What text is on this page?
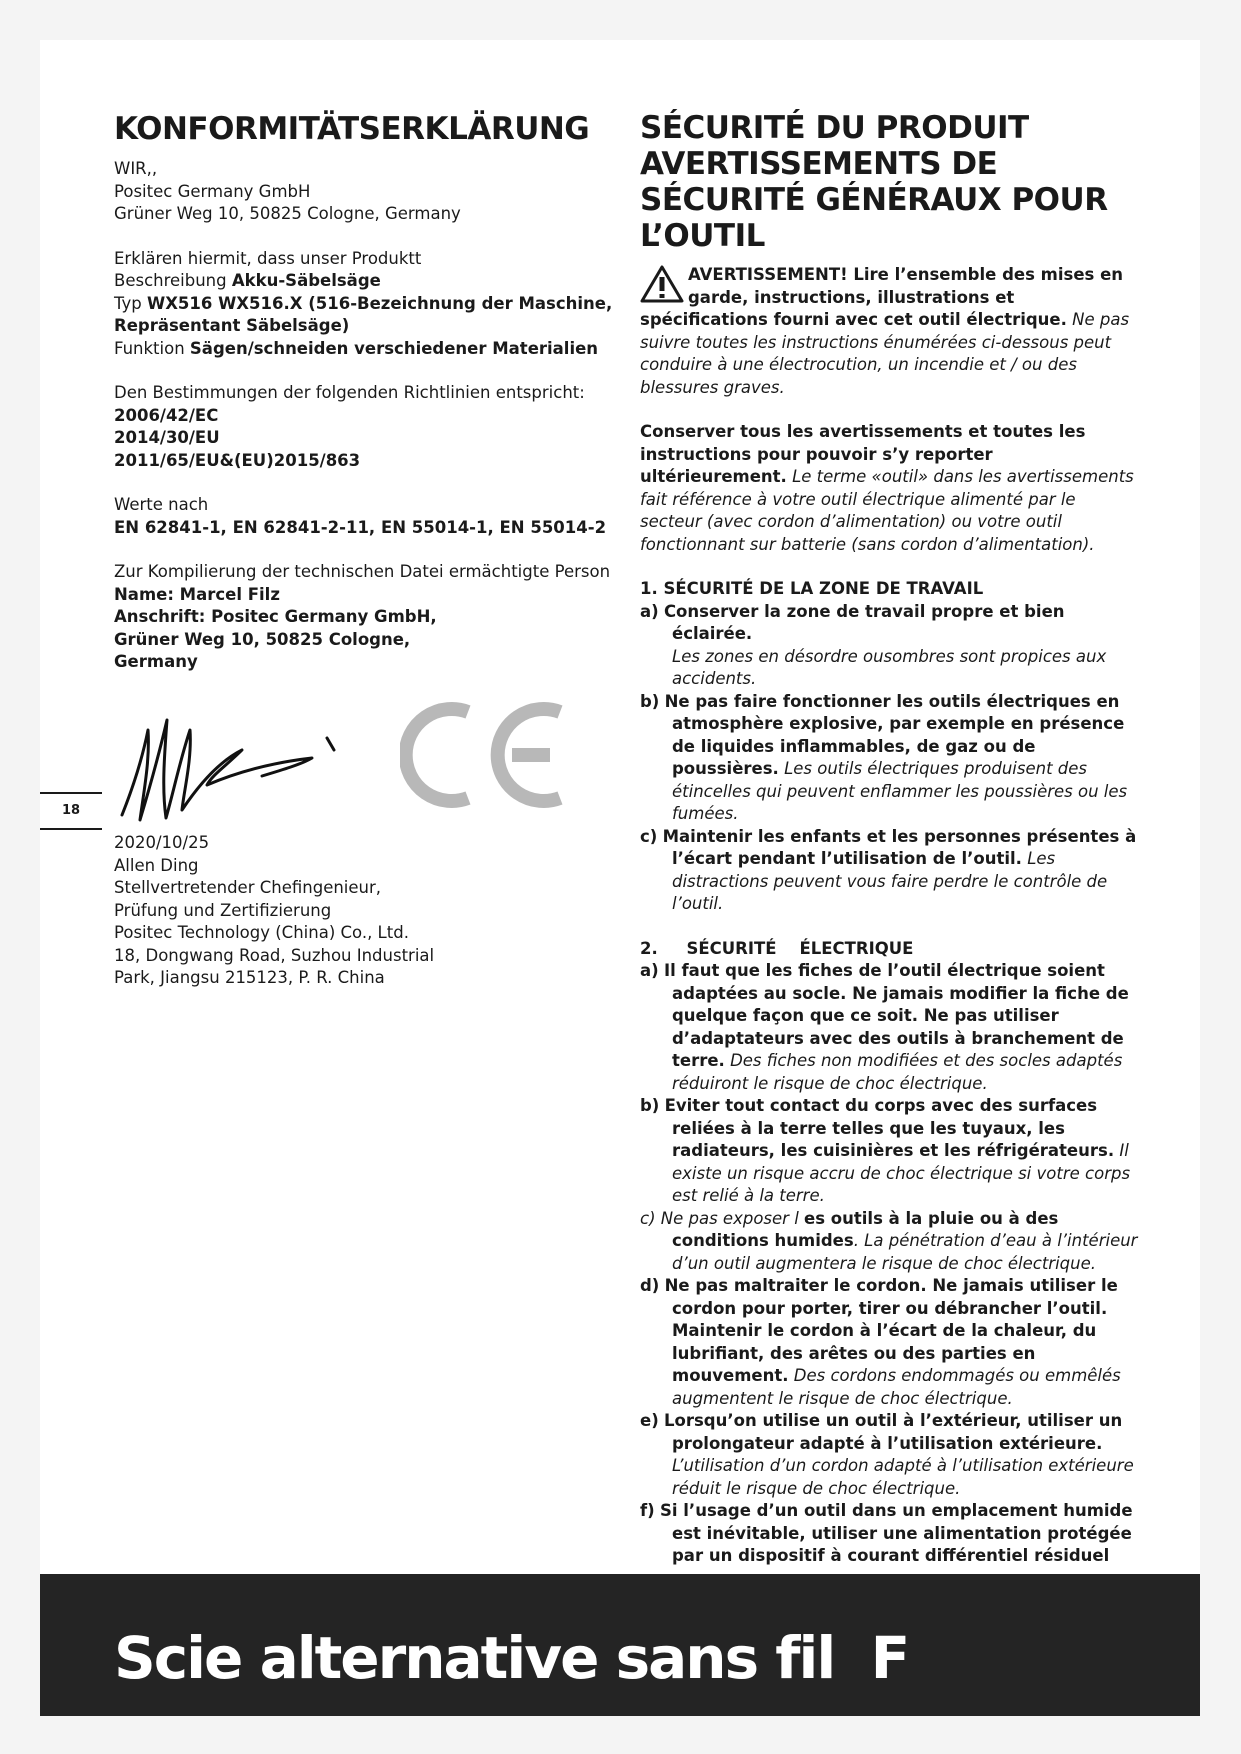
KONFORMITÄTSERKLÄRUNG
WIR,,
Positec Germany GmbH
Grüner Weg 10, 50825 Cologne, Germany
Erklären hiermit, dass unser Produktt
Beschreibung Akku-Säbelsäge
Typ WX516 WX516.X (516-Bezeichnung der Maschine,
Repräsentant Säbelsäge)
Funktion Sägen/schneiden verschiedener Materialien
Den Bestimmungen der folgenden Richtlinien entspricht:
2006/42/EC
2014/30/EU
2011/65/EU&(EU)2015/863
Werte nach
EN 62841-1, EN 62841-2-11, EN 55014-1, EN 55014-2
Zur Kompilierung der technischen Datei ermächtigte Person
Name: Marcel Filz
Anschrift: Positec Germany GmbH,
Grüner Weg 10, 50825 Cologne,
Germany
18
2020/10/25
Allen Ding
Stellvertretender Chefingenieur,
Prüfung und Zertifizierung
Positec Technology (China) Co., Ltd.
18, Dongwang Road, Suzhou Industrial
Park, Jiangsu 215123, P. R. China
SÉCURITÉ DU PRODUIT
AVERTISSEMENTS DE
SÉCURITÉ GÉNÉRAUX POUR
L’OUTIL
AVERTISSEMENT! Lire l’ensemble des mises en garde, instructions, illustrations et spécifications fourni avec cet outil électrique. Ne pas suivre toutes les instructions énumérées ci-dessous peut conduire à une électrocution, un incendie et / ou des blessures graves.
Conserver tous les avertissements et toutes les instructions pour pouvoir s’y reporter ultérieurement. Le terme «outil» dans les avertissements fait référence à votre outil électrique alimenté par le secteur (avec cordon d’alimentation) ou votre outil fonctionnant sur batterie (sans cordon d’alimentation).
1. SÉCURITÉ DE LA ZONE DE TRAVAIL

a) Conserver la zone de travail propre et bien éclairée.
Les zones en désordre ousombres sont propices aux accidents.

b) Ne pas faire fonctionner les outils électriques en atmosphère explosive, par exemple en présence de liquides inflammables, de gaz ou de poussières. Les outils électriques produisent des étincelles qui peuvent enflammer les poussières ou les fumées.

c) Maintenir les enfants et les personnes présentes à l’écart pendant l’utilisation de l’outil. Les distractions peuvent vous faire perdre le contrôle de l’outil.

2.     SÉCURITÉ    ÉLECTRIQUE

a) Il faut que les fiches de l’outil électrique soient adaptées au socle. Ne jamais modifier la fiche de quelque façon que ce soit. Ne pas utiliser d’adaptateurs avec des outils à branchement de terre. Des fiches non modifiées et des socles adaptés réduiront le risque de choc électrique.

b) Eviter tout contact du corps avec des surfaces reliées à la terre telles que les tuyaux, les radiateurs, les cuisinières et les réfrigérateurs. Il existe un risque accru de choc électrique si votre corps est relié à la terre.

c) Ne pas exposer l es outils à la pluie ou à des conditions humides. La pénétration d’eau à l’intérieur d’un outil augmentera le risque de choc électrique.

d) Ne pas maltraiter le cordon. Ne jamais utiliser le cordon pour porter, tirer ou débrancher l’outil. Maintenir le cordon à l’écart de la chaleur, du lubrifiant, des arêtes ou des parties en mouvement. Des cordons endommagés ou emmêlés augmentent le risque de choc électrique.

e) Lorsqu’on utilise un outil à l’extérieur, utiliser un prolongateur adapté à l’utilisation extérieure. L’utilisation d’un cordon adapté à l’utilisation extérieure réduit le risque de choc électrique.

f) Si l’usage d’un outil dans un emplacement humide est inévitable, utiliser une alimentation protégée par un dispositif à courant différentiel résiduel

Scie alternative sans fil  F
